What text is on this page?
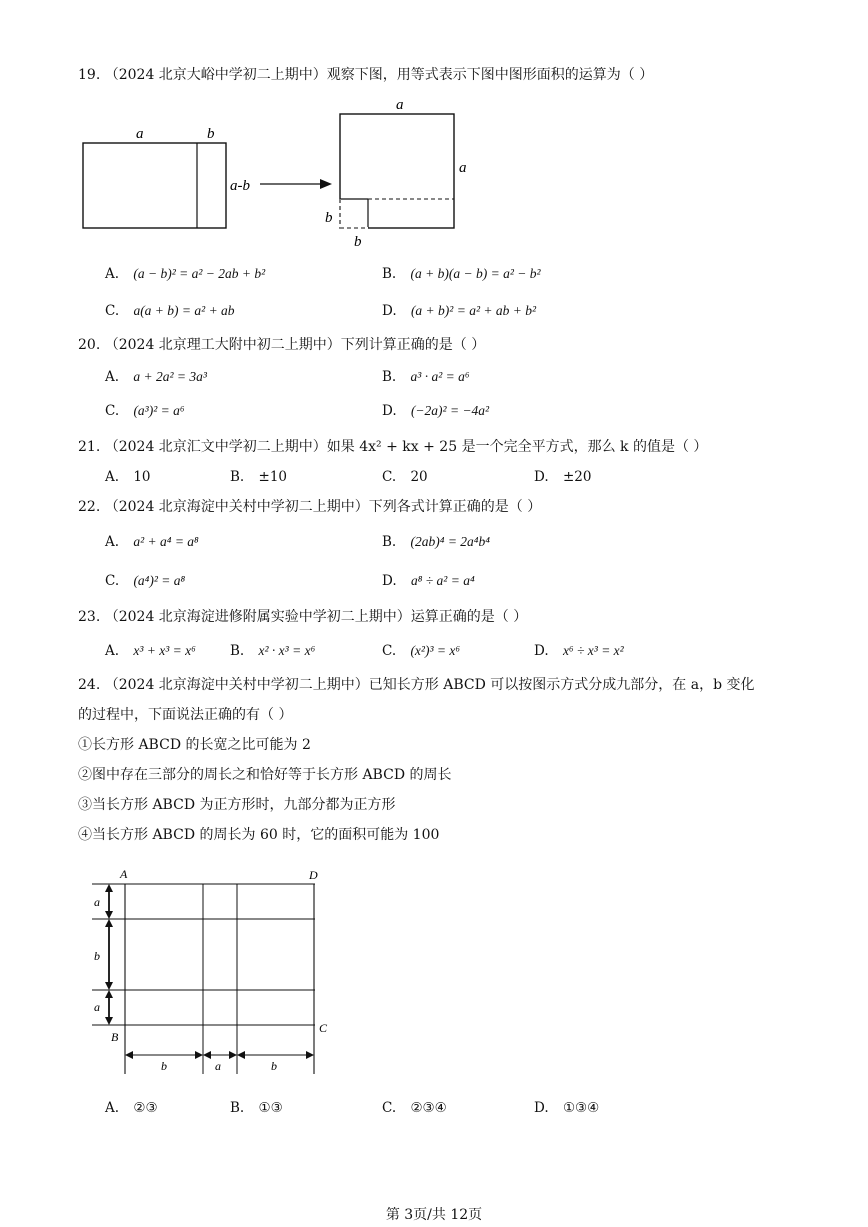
19. （2024 北京大峪中学初二上期中）观察下图，用等式表示下图中图形面积的运算为（ ）
a	b
a-b
a
a
b
b
A. (a − b)² = a² − 2ab + b²	B. (a + b)(a − b) = a² − b²
C. a(a + b) = a² + ab	D. (a + b)² = a² + ab + b²
20. （2024 北京理工大附中初二上期中）下列计算正确的是（ ）
A. a + 2a² = 3a³	B. a³ · a² = a⁶
C. (a³)² = a⁶	D. (−2a)² = −4a²
21. （2024 北京汇文中学初二上期中）如果 4x² + kx + 25 是一个完全平方式，那么 k 的值是（ ）
A. 10	B. ±10	C. 20	D. ±20
22. （2024 北京海淀中关村中学初二上期中）下列各式计算正确的是（ ）
A. a² + a⁴ = a⁸	B. (2ab)⁴ = 2a⁴b⁴
C. (a⁴)² = a⁸	D. a⁸ ÷ a² = a⁴
23. （2024 北京海淀进修附属实验中学初二上期中）运算正确的是（ ）
A. x³ + x³ = x⁶	B. x² · x³ = x⁶	C. (x²)³ = x⁶	D. x⁶ ÷ x³ = x²
24. （2024 北京海淀中关村中学初二上期中）已知长方形 ABCD 可以按图示方式分成九部分，在 a，b 变化
的过程中，下面说法正确的有（ ）
①长方形 ABCD 的长宽之比可能为 2
②图中存在三部分的周长之和恰好等于长方形 ABCD 的周长
③当长方形 ABCD 为正方形时，九部分都为正方形
④当长方形 ABCD 的周长为 60 时，它的面积可能为 100
A	D
B
C
a
b
a
b	a	b
A. ②③	B. ①③	C. ②③④	D. ①③④
第 3页/共 12页
